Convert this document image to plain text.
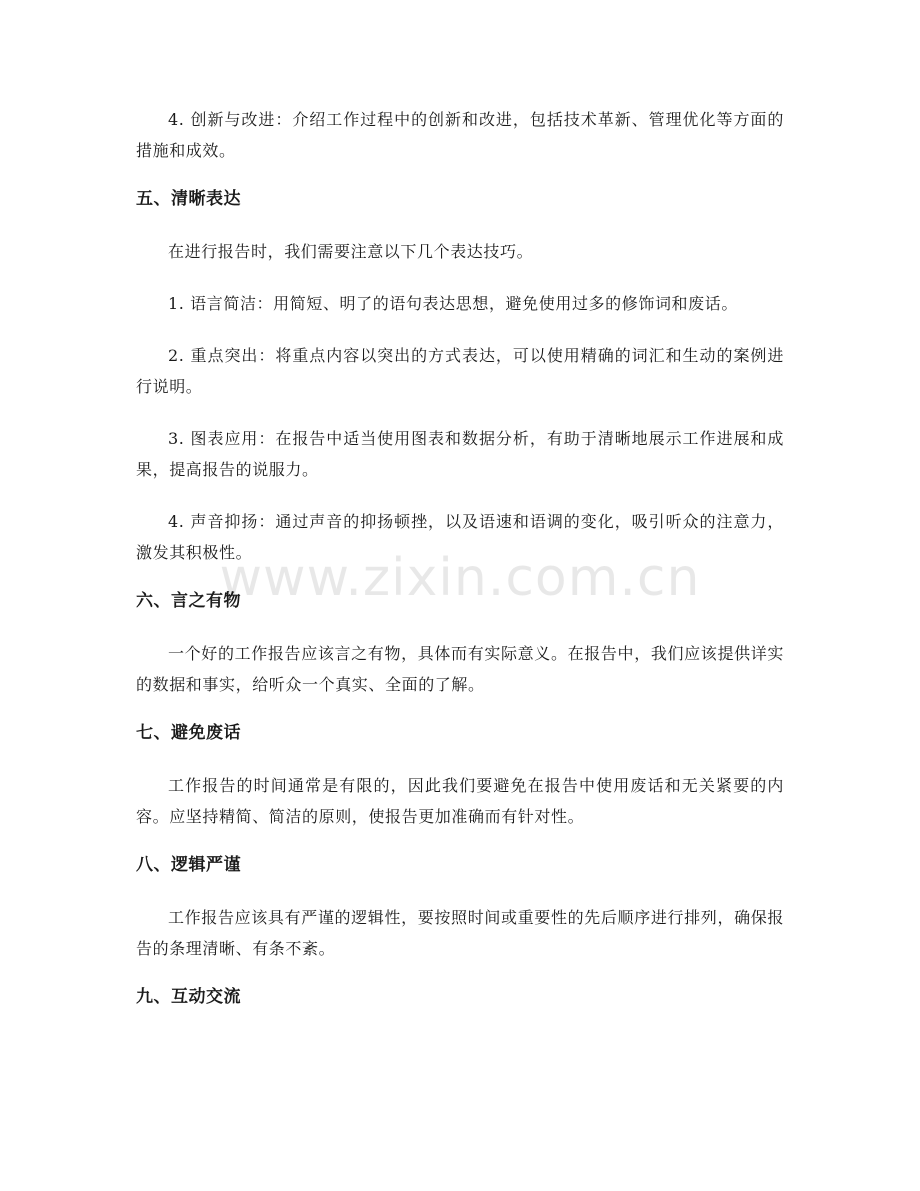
4. 创新与改进：介绍工作过程中的创新和改进，包括技术革新、管理优化等方面的措施和成效。

五、清晰表达

在进行报告时，我们需要注意以下几个表达技巧。

1. 语言简洁：用简短、明了的语句表达思想，避免使用过多的修饰词和废话。

2. 重点突出：将重点内容以突出的方式表达，可以使用精确的词汇和生动的案例进行说明。

3. 图表应用：在报告中适当使用图表和数据分析，有助于清晰地展示工作进展和成果，提高报告的说服力。

4. 声音抑扬：通过声音的抑扬顿挫，以及语速和语调的变化，吸引听众的注意力，激发其积极性。

六、言之有物

一个好的工作报告应该言之有物，具体而有实际意义。在报告中，我们应该提供详实的数据和事实，给听众一个真实、全面的了解。

七、避免废话

工作报告的时间通常是有限的，因此我们要避免在报告中使用废话和无关紧要的内容。应坚持精简、简洁的原则，使报告更加准确而有针对性。

八、逻辑严谨

工作报告应该具有严谨的逻辑性，要按照时间或重要性的先后顺序进行排列，确保报告的条理清晰、有条不紊。

九、互动交流
www.zixin.com.cn
